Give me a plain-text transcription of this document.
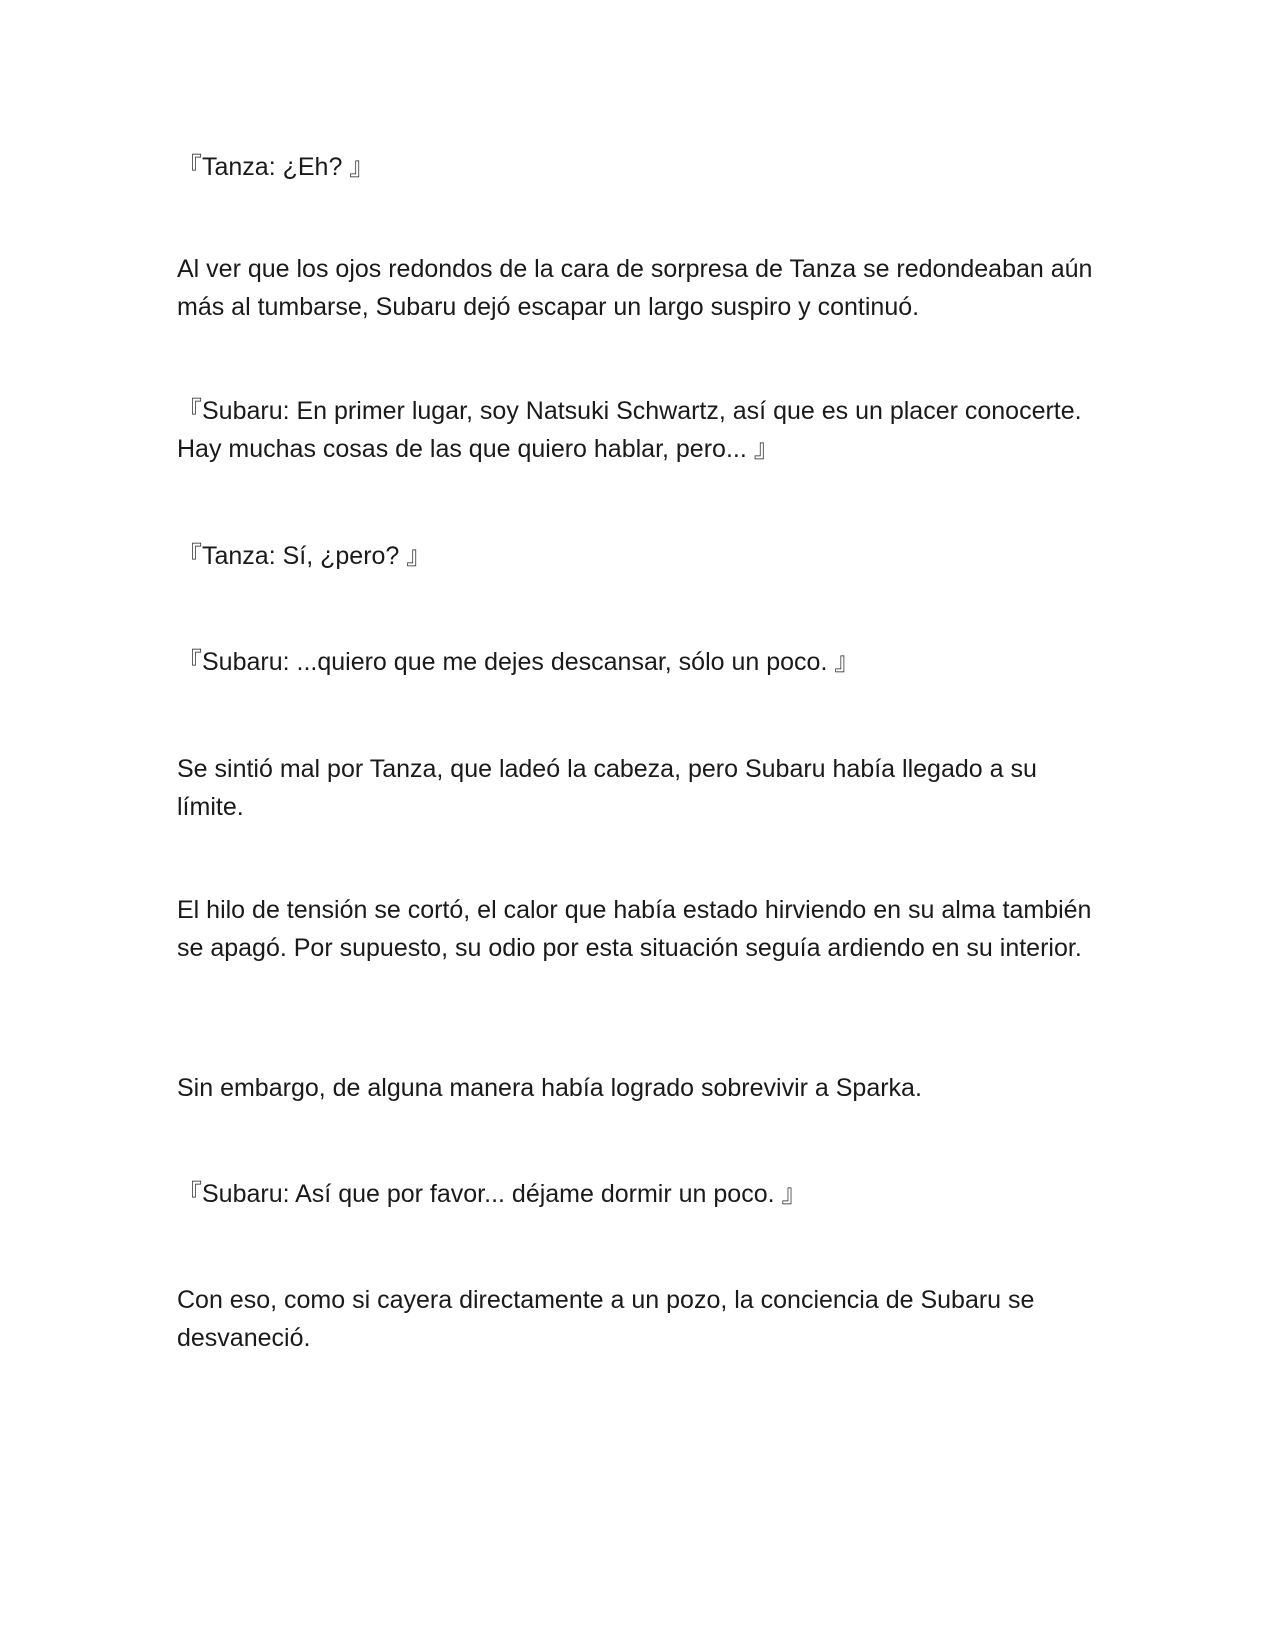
『Tanza: ¿Eh? 』

Al ver que los ojos redondos de la cara de sorpresa de Tanza se redondeaban aún más al tumbarse, Subaru dejó escapar un largo suspiro y continuó.

『Subaru: En primer lugar, soy Natsuki Schwartz, así que es un placer conocerte. Hay muchas cosas de las que quiero hablar, pero... 』

『Tanza: Sí, ¿pero? 』

『Subaru: ...quiero que me dejes descansar, sólo un poco. 』

Se sintió mal por Tanza, que ladeó la cabeza, pero Subaru había llegado a su límite.

El hilo de tensión se cortó, el calor que había estado hirviendo en su alma también se apagó. Por supuesto, su odio por esta situación seguía ardiendo en su interior.

Sin embargo, de alguna manera había logrado sobrevivir a Sparka.

『Subaru: Así que por favor... déjame dormir un poco. 』

Con eso, como si cayera directamente a un pozo, la conciencia de Subaru se desvaneció.
